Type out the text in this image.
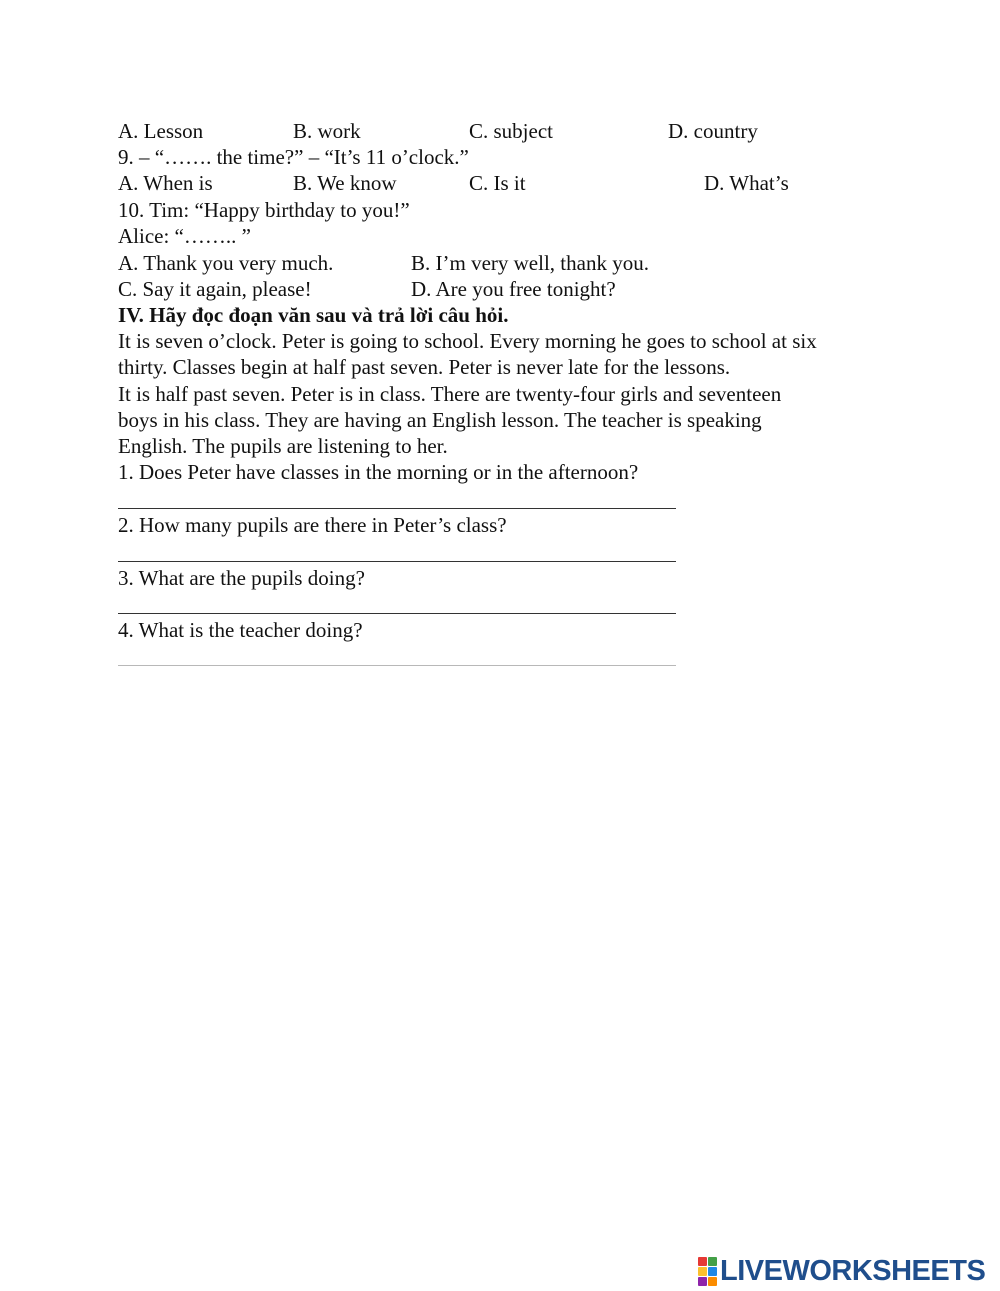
A. Lesson	B. work	C. subject	D. country
9. – “……. the time?” – “It’s 11 o’clock.”
A. When is	B. We know	C. Is it	D. What’s
10. Tim: “Happy birthday to you!”
Alice: “…….. ”
A. Thank you very much.	B. I’m very well, thank you.
C. Say it again, please!	D. Are you free tonight?
IV. Hãy đọc đoạn văn sau và trả lời câu hỏi.
It is seven o’clock. Peter is going to school. Every morning he goes to school at six
thirty. Classes begin at half past seven. Peter is never late for the lessons.
It is half past seven. Peter is in class. There are twenty-four girls and seventeen
boys in his class. They are having an English lesson. The teacher is speaking
English. The pupils are listening to her.
1. Does Peter have classes in the morning or in the afternoon?
2. How many pupils are there in Peter’s class?
3. What are the pupils doing?
4. What is the teacher doing?
LIVEWORKSHEETS
